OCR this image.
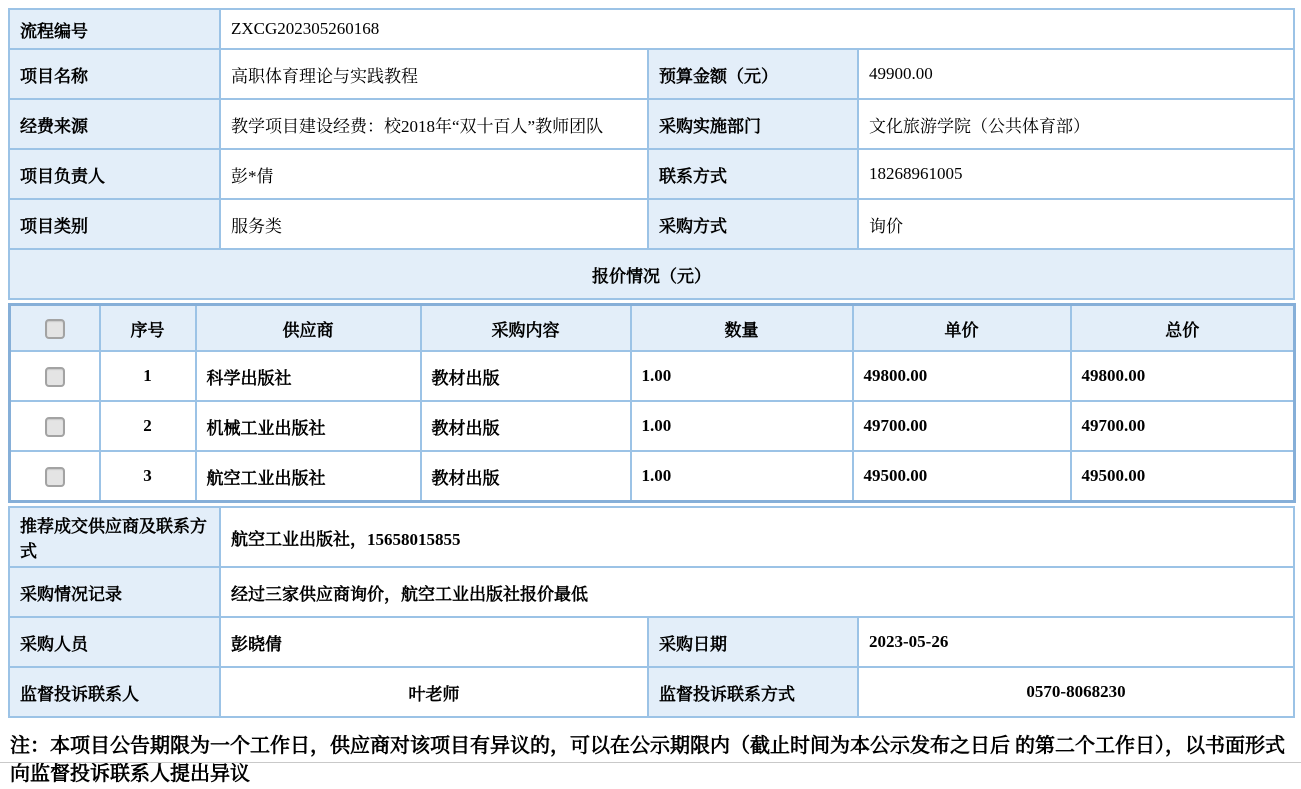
流程编号	ZXCG202305260168		
项目名称	高职体育理论与实践教程	预算金额（元）	49900.00
经费来源	教学项目建设经费：校2018年“双十百人”教师团队	采购实施部门	文化旅游学院（公共体育部）
项目负责人	彭*倩	联系方式	18268961005
项目类别	服务类	采购方式	询价
报价情况（元）			
	序号	供应商	采购内容	数量	单价	总价
	1	科学出版社	教材出版	1.00	49800.00	49800.00
	2	机械工业出版社	教材出版	1.00	49700.00	49700.00
	3	航空工业出版社	教材出版	1.00	49500.00	49500.00
推荐成交供应商及联系方式	航空工业出版社，15658015855		
采购情况记录	经过三家供应商询价，航空工业出版社报价最低		
采购人员	彭晓倩	采购日期	2023-05-26
监督投诉联系人	叶老师	监督投诉联系方式	0570-8068230

注：本项目公告期限为一个工作日，供应商对该项目有异议的，可以在公示期限内（截止时间为本公示发布之日后 的第二个工作日），以书面形式向监督投诉联系人提出异议
